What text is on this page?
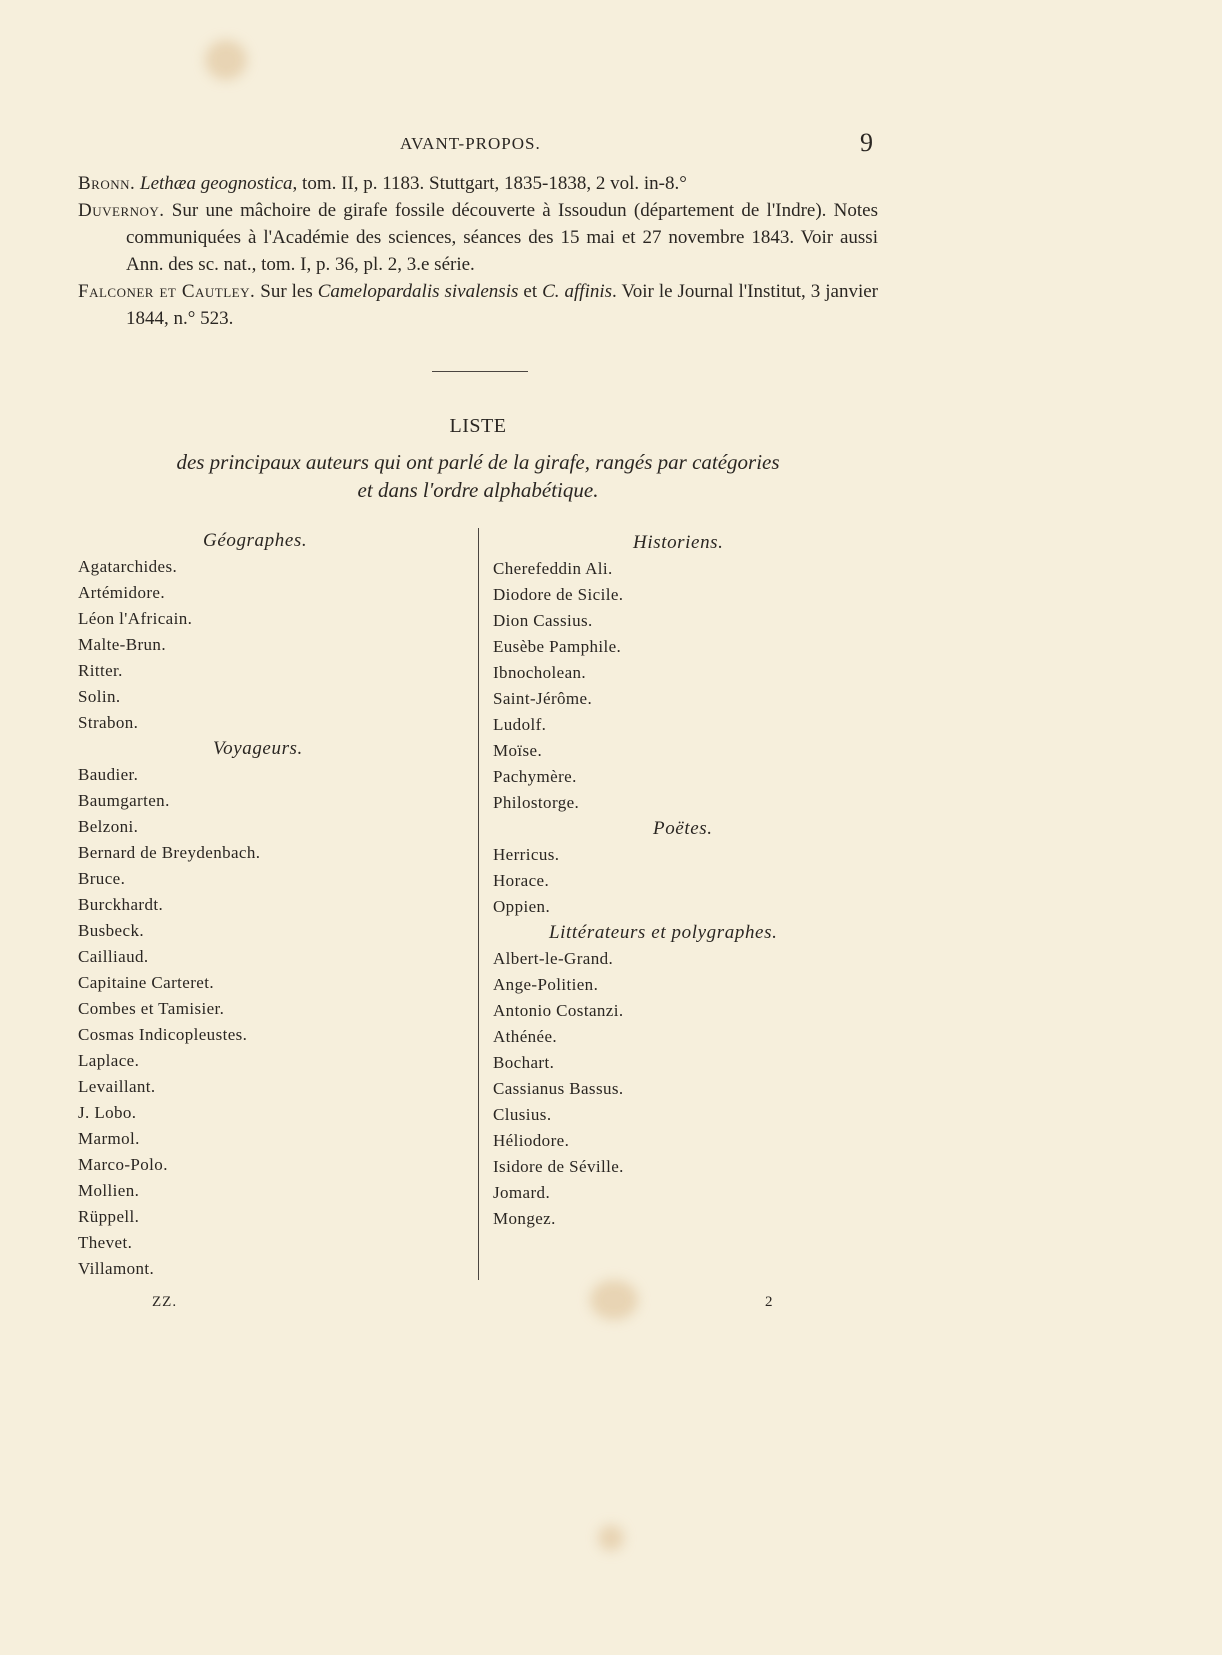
AVANT-PROPOS.	9
Bronn. Lethæa geognostica, tom. II, p. 1183. Stuttgart, 1835-1838, 2 vol. in-8.°
Duvernoy. Sur une mâchoire de girafe fossile découverte à Issoudun (département de l'Indre). Notes communiquées à l'Académie des sciences, séances des 15 mai et 27 novembre 1843. Voir aussi Ann. des sc. nat., tom. I, p. 36, pl. 2, 3.e série.
Falconer et Cautley. Sur les Camelopardalis sivalensis et C. affinis. Voir le Journal l'Institut, 3 janvier 1844, n.° 523.
LISTE
des principaux auteurs qui ont parlé de la girafe, rangés par catégories
et dans l'ordre alphabétique.
Géographes.
Agatarchides.
Artémidore.
Léon l'Africain.
Malte-Brun.
Ritter.
Solin.
Strabon.
Voyageurs.
Baudier.
Baumgarten.
Belzoni.
Bernard de Breydenbach.
Bruce.
Burckhardt.
Busbeck.
Cailliaud.
Capitaine Carteret.
Combes et Tamisier.
Cosmas Indicopleustes.
Laplace.
Levaillant.
J. Lobo.
Marmol.
Marco-Polo.
Mollien.
Rüppell.
Thevet.
Villamont.
Historiens.
Cherefeddin Ali.
Diodore de Sicile.
Dion Cassius.
Eusèbe Pamphile.
Ibnocholean.
Saint-Jérôme.
Ludolf.
Moïse.
Pachymère.
Philostorge.
Poëtes.
Herricus.
Horace.
Oppien.
Littérateurs et polygraphes.
Albert-le-Grand.
Ange-Politien.
Antonio Costanzi.
Athénée.
Bochart.
Cassianus Bassus.
Clusius.
Héliodore.
Isidore de Séville.
Jomard.
Mongez.
ZZ.	2
